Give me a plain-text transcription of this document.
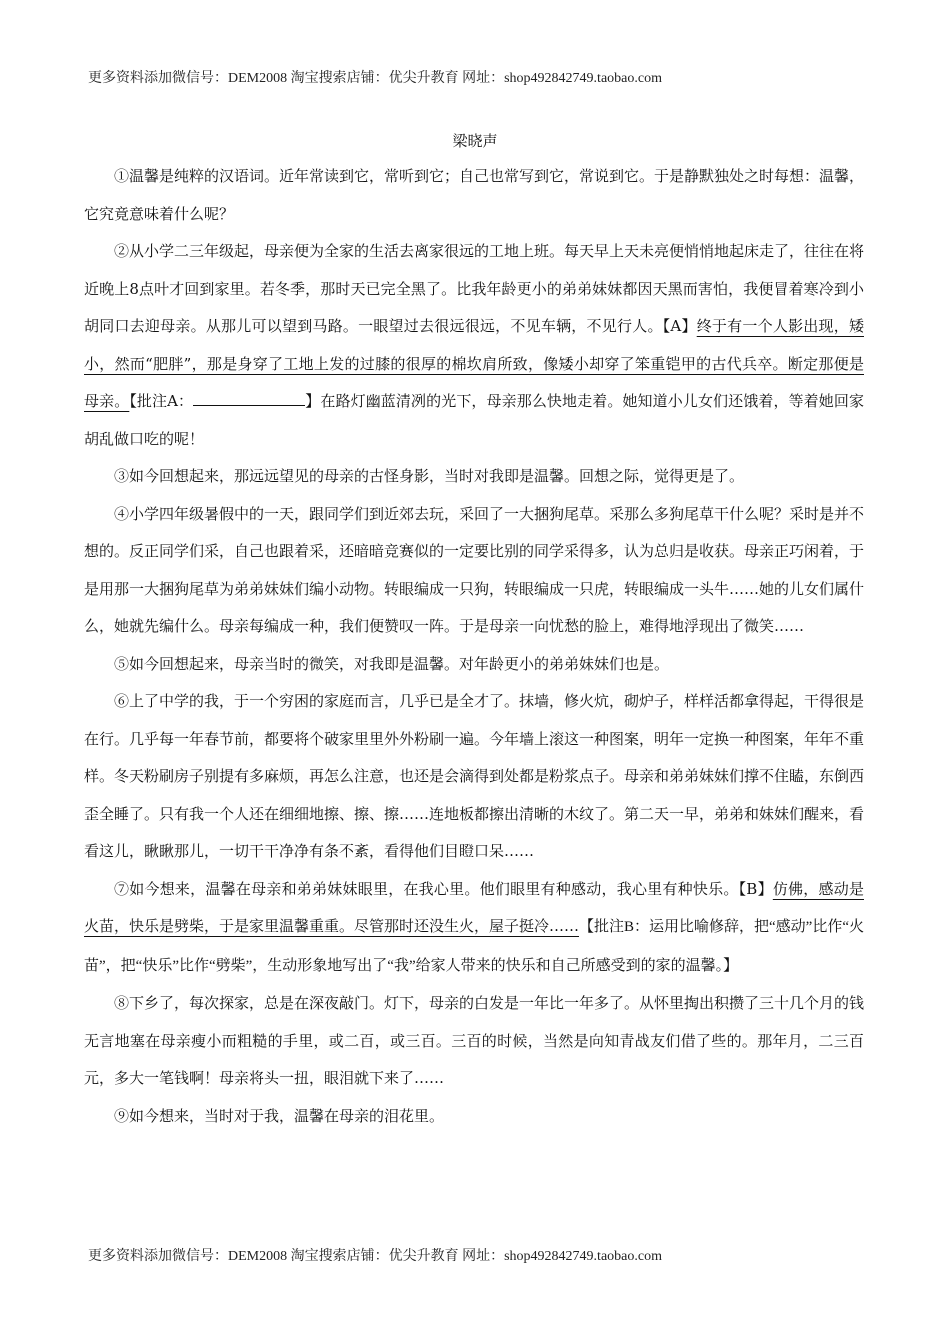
更多资料添加微信号：DEM2008 淘宝搜索店铺：优尖升教育 网址：shop492842749.taobao.com
梁晓声

①温馨是纯粹的汉语词。近年常读到它，常听到它；自己也常写到它，常说到它。于是静默独处之时每想：温馨，它究竟意味着什么呢？

②从小学二三年级起，母亲便为全家的生活去离家很远的工地上班。每天早上天未亮便悄悄地起床走了，往往在将近晚上8点叶才回到家里。若冬季，那时天已完全黑了。比我年龄更小的弟弟妹妹都因天黑而害怕，我便冒着寒冷到小胡同口去迎母亲。从那儿可以望到马路。一眼望过去很远很远，不见车辆，不见行人。【A】终于有一个人影出现，矮小，然而“肥胖”，那是身穿了工地上发的过膝的很厚的棉坎肩所致，像矮小却穿了笨重铠甲的古代兵卒。断定那便是母亲。【批注A：	】在路灯幽蓝清冽的光下，母亲那么快地走着。她知道小儿女们还饿着，等着她回家胡乱做口吃的呢！

③如今回想起来，那远远望见的母亲的古怪身影，当时对我即是温馨。回想之际，觉得更是了。

④小学四年级暑假中的一天，跟同学们到近郊去玩，采回了一大捆狗尾草。采那么多狗尾草干什么呢？采时是并不想的。反正同学们采，自己也跟着采，还暗暗竞赛似的一定要比别的同学采得多，认为总归是收获。母亲正巧闲着，于是用那一大捆狗尾草为弟弟妹妹们编小动物。转眼编成一只狗，转眼编成一只虎，转眼编成一头牛……她的儿女们属什么，她就先编什么。母亲每编成一种，我们便赞叹一阵。于是母亲一向忧愁的脸上，难得地浮现出了微笑……

⑤如今回想起来，母亲当时的微笑，对我即是温馨。对年龄更小的弟弟妹妹们也是。

⑥上了中学的我，于一个穷困的家庭而言，几乎已是全才了。抹墙，修火炕，砌炉子，样样活都拿得起，干得很是在行。几乎每一年春节前，都要将个破家里里外外粉刷一遍。今年墙上滚这一种图案，明年一定换一种图案，年年不重样。冬天粉刷房子别提有多麻烦，再怎么注意，也还是会滴得到处都是粉浆点子。母亲和弟弟妹妹们撑不住瞌，东倒西歪全睡了。只有我一个人还在细细地擦、擦、擦……连地板都擦出清晰的木纹了。第二天一早，弟弟和妹妹们醒来，看看这儿，瞅瞅那儿，一切干干净净有条不紊，看得他们目瞪口呆……

⑦如今想来，温馨在母亲和弟弟妹妹眼里，在我心里。他们眼里有种感动，我心里有种快乐。【B】仿佛，感动是火苗，快乐是劈柴，于是家里温馨重重。尽管那时还没生火，屋子挺冷……【批注B：运用比喻修辞，把“感动”比作“火苗”，把“快乐”比作“劈柴”，生动形象地写出了“我”给家人带来的快乐和自己所感受到的家的温馨。】

⑧下乡了，每次探家，总是在深夜敲门。灯下，母亲的白发是一年比一年多了。从怀里掏出积攒了三十几个月的钱无言地塞在母亲瘦小而粗糙的手里，或二百，或三百。三百的时候，当然是向知青战友们借了些的。那年月，二三百元，多大一笔钱啊！母亲将头一扭，眼泪就下来了……

⑨如今想来，当时对于我，温馨在母亲的泪花里。

更多资料添加微信号：DEM2008 淘宝搜索店铺：优尖升教育 网址：shop492842749.taobao.com
